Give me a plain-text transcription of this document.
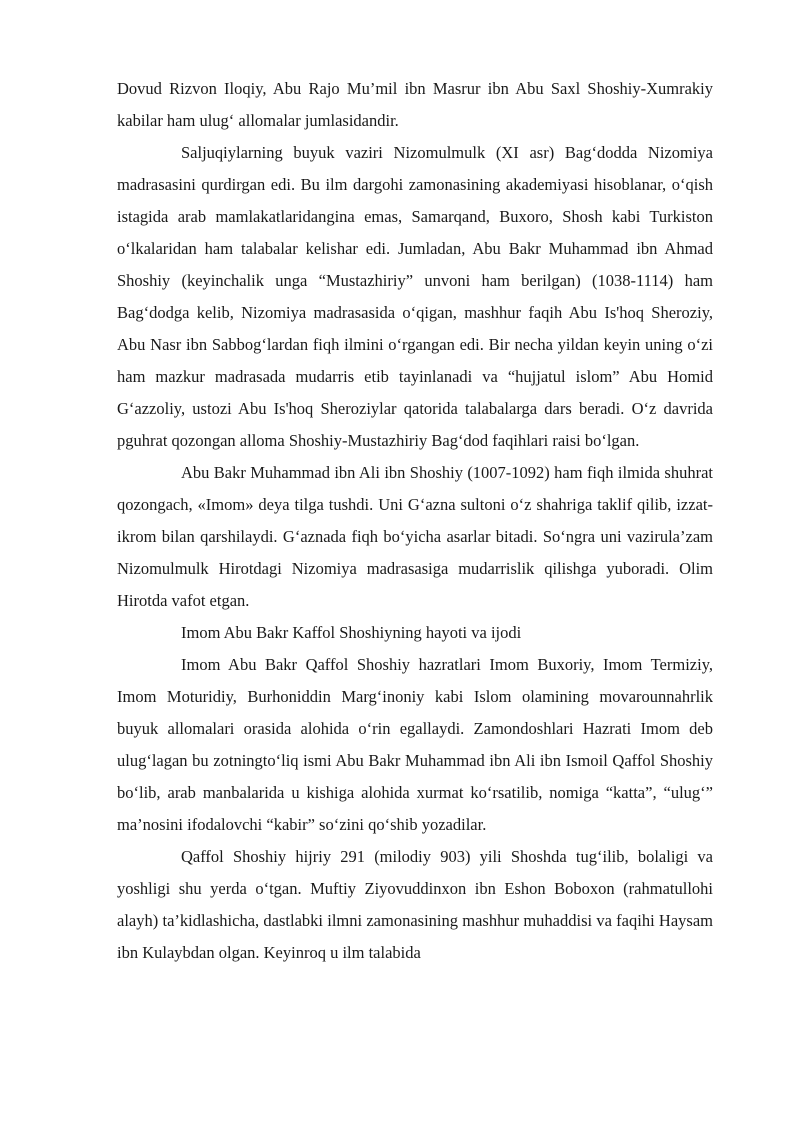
Dovud Rizvon Iloqiy, Abu Rajo Mu’mil ibn Masrur ibn Abu Saxl Shoshiy-Xumrakiy kabilar ham ulug‘ allomalar jumlasidandir.

Saljuqiylarning buyuk vaziri Nizomulmulk (XI asr) Bag‘dodda Nizomiya madrasasini qurdirgan edi. Bu ilm dargohi zamonasining akademiyasi hisoblanar, o‘qish istagida arab mamlakatlaridangina emas, Samarqand, Buxoro, Shosh kabi Turkiston o‘lkalaridan ham talabalar kelishar edi. Jumladan, Abu Bakr Muhammad ibn Ahmad Shoshiy (keyinchalik unga “Mustazhiriy” unvoni ham berilgan) (1038-1114) ham Bag‘dodga kelib, Nizomiya madrasasida o‘qigan, mashhur faqih Abu Is'hoq Sheroziy, Abu Nasr ibn Sabbog‘lardan fiqh ilmini o‘rgangan edi. Bir necha yildan keyin uning o‘zi ham mazkur madrasada mudarris etib tayinlanadi va “hujjatul islom” Abu Homid G‘azzoliy, ustozi Abu Is'hoq Sheroziylar qatorida talabalarga dars beradi. O‘z davrida pguhrat qozongan alloma Shoshiy-Mustazhiriy Bag‘dod faqihlari raisi bo‘lgan.

Abu Bakr Muhammad ibn Ali ibn Shoshiy (1007-1092) ham fiqh ilmida shuhrat qozongach, «Imom» deya tilga tushdi. Uni G‘azna sultoni o‘z shahriga taklif qilib, izzat-ikrom bilan qarshilaydi. G‘aznada fiqh bo‘yicha asarlar bitadi. So‘ngra uni vazirula’zam Nizomulmulk Hirotdagi Nizomiya madrasasiga mudarrislik qilishga yuboradi. Olim Hirotda vafot etgan.

Imom Abu Bakr Kaffol Shoshiyning hayoti va ijodi

Imom Abu Bakr Qaffol Shoshiy hazratlari Imom Buxoriy, Imom Termiziy, Imom Moturidiy, Burhoniddin Marg‘inoniy kabi Islom olamining movarounnahrlik buyuk allomalari orasida alohida o‘rin egallaydi. Zamondoshlari Hazrati Imom deb ulug‘lagan bu zotningto‘liq ismi Abu Bakr Muhammad ibn Ali ibn Ismoil Qaffol Shoshiy bo‘lib, arab manbalarida u kishiga alohida xurmat ko‘rsatilib, nomiga “katta”, “ulug‘” ma’nosini ifodalovchi “kabir” so‘zini qo‘shib yozadilar.

Qaffol Shoshiy hijriy 291 (milodiy 903) yili Shoshda tug‘ilib, bolaligi va yoshligi shu yerda o‘tgan. Muftiy Ziyovuddinxon ibn Eshon Boboxon (rahmatullohi alayh) ta’kidlashicha, dastlabki ilmni zamonasining mashhur muhaddisi va faqihi Haysam ibn Kulaybdan olgan. Keyinroq u ilm talabida
